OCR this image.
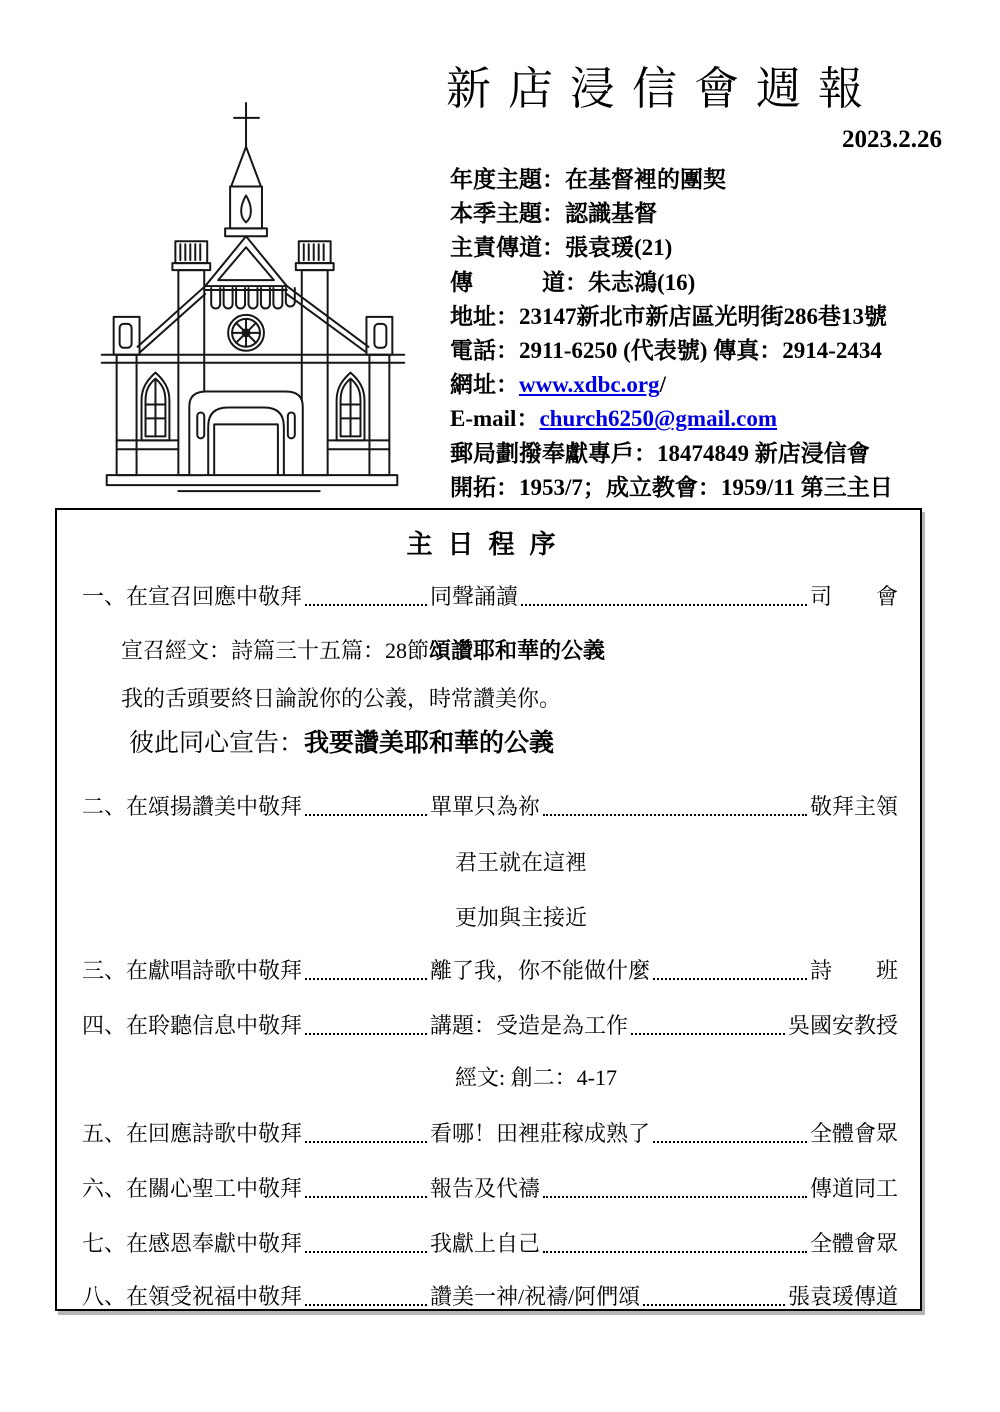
新店浸信會週報
2023.2.26
年度主題：在基督裡的團契
本季主題：認識基督
主責傳道：張袁瑗(21)
傳　　　道：朱志鴻(16)
地址：23147新北市新店區光明街286巷13號
電話：2911-6250 (代表號) 傳真：2914-2434
網址：www.xdbc.org/
E-mail：church6250@gmail.com
郵局劃撥奉獻專戶：18474849 新店浸信會
開拓：1953/7；成立教會：1959/11 第三主日
主日程序
一、在宣召回應中敬拜	同聲誦讀	司　　會
宣召經文：詩篇三十五篇：28節 頌讚耶和華的公義
我的舌頭要終日論說你的公義，時常讚美你。
彼此同心宣告： 我要讚美耶和華的公義
二、在頌揚讚美中敬拜	單單只為祢	敬拜主領
君王就在這裡
更加與主接近
三、在獻唱詩歌中敬拜	離了我，你不能做什麼	詩　　班
四、在聆聽信息中敬拜	講題：受造是為工作	吳國安教授
經文: 創二：4-17
五、在回應詩歌中敬拜	看哪！田裡莊稼成熟了	全體會眾
六、在關心聖工中敬拜	報告及代禱	傳道同工
七、在感恩奉獻中敬拜	我獻上自己	全體會眾
八、在領受祝福中敬拜	讚美一神/祝禱/阿們頌	張袁瑗傳道
